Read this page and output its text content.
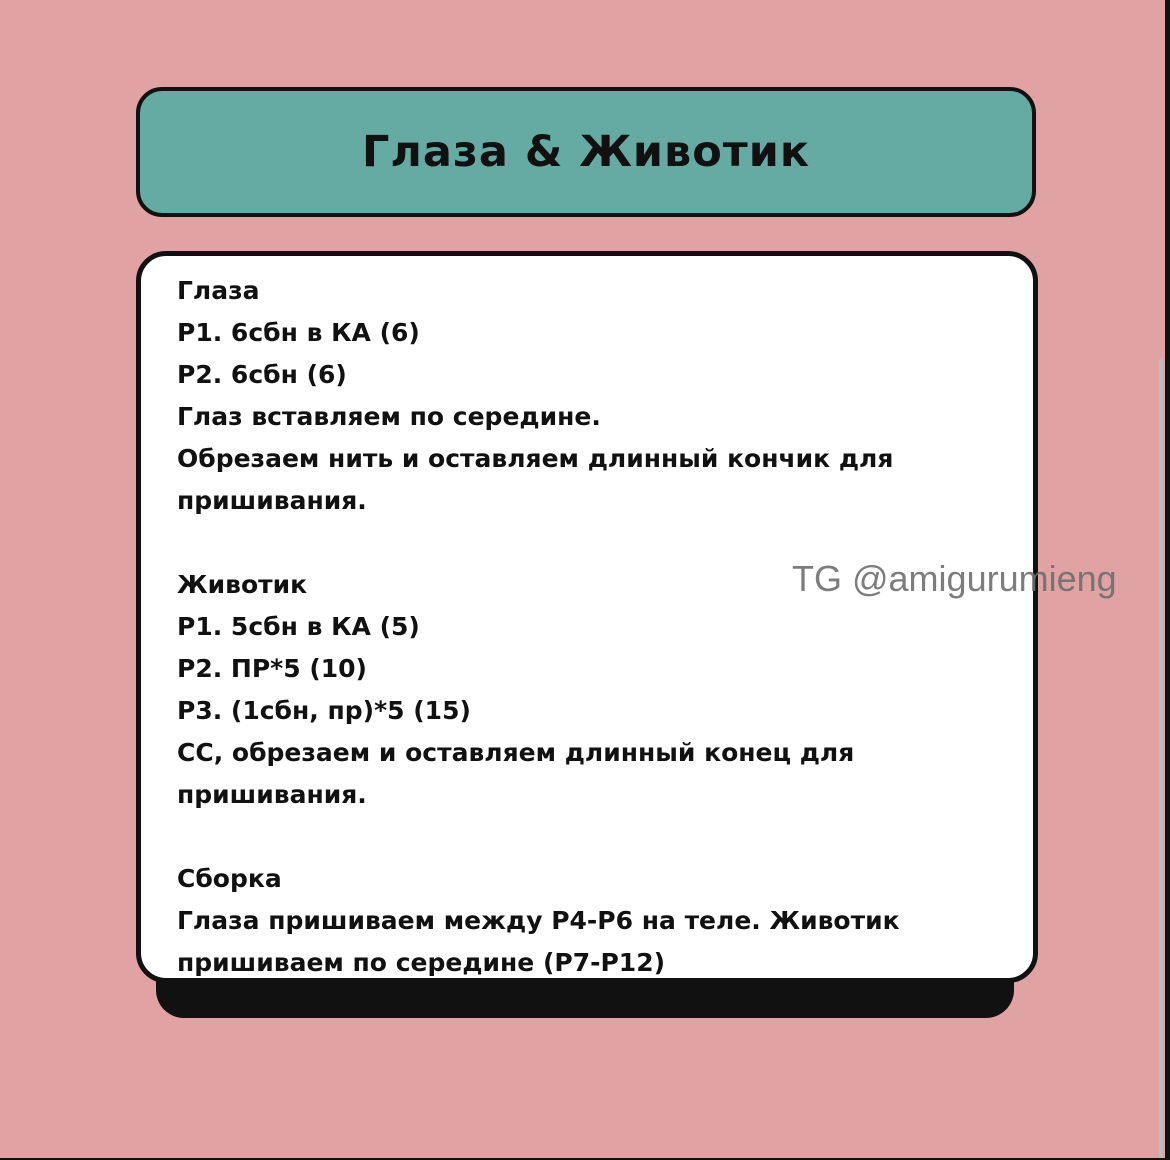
Глаза & Животик
Глаза
Р1. 6сбн в КА (6)
Р2. 6сбн (6)
Глаз вставляем по середине.
Обрезаем нить и оставляем длинный кончик для
пришивания.
Животик
Р1. 5сбн в КА (5)
Р2. ПР*5 (10)
Р3. (1сбн, пр)*5 (15)
СС, обрезаем и оставляем длинный конец для
пришивания.
Сборка
Глаза пришиваем между Р4-Р6 на теле. Животик
пришиваем по середине (Р7-Р12)
TG @amigurumieng
